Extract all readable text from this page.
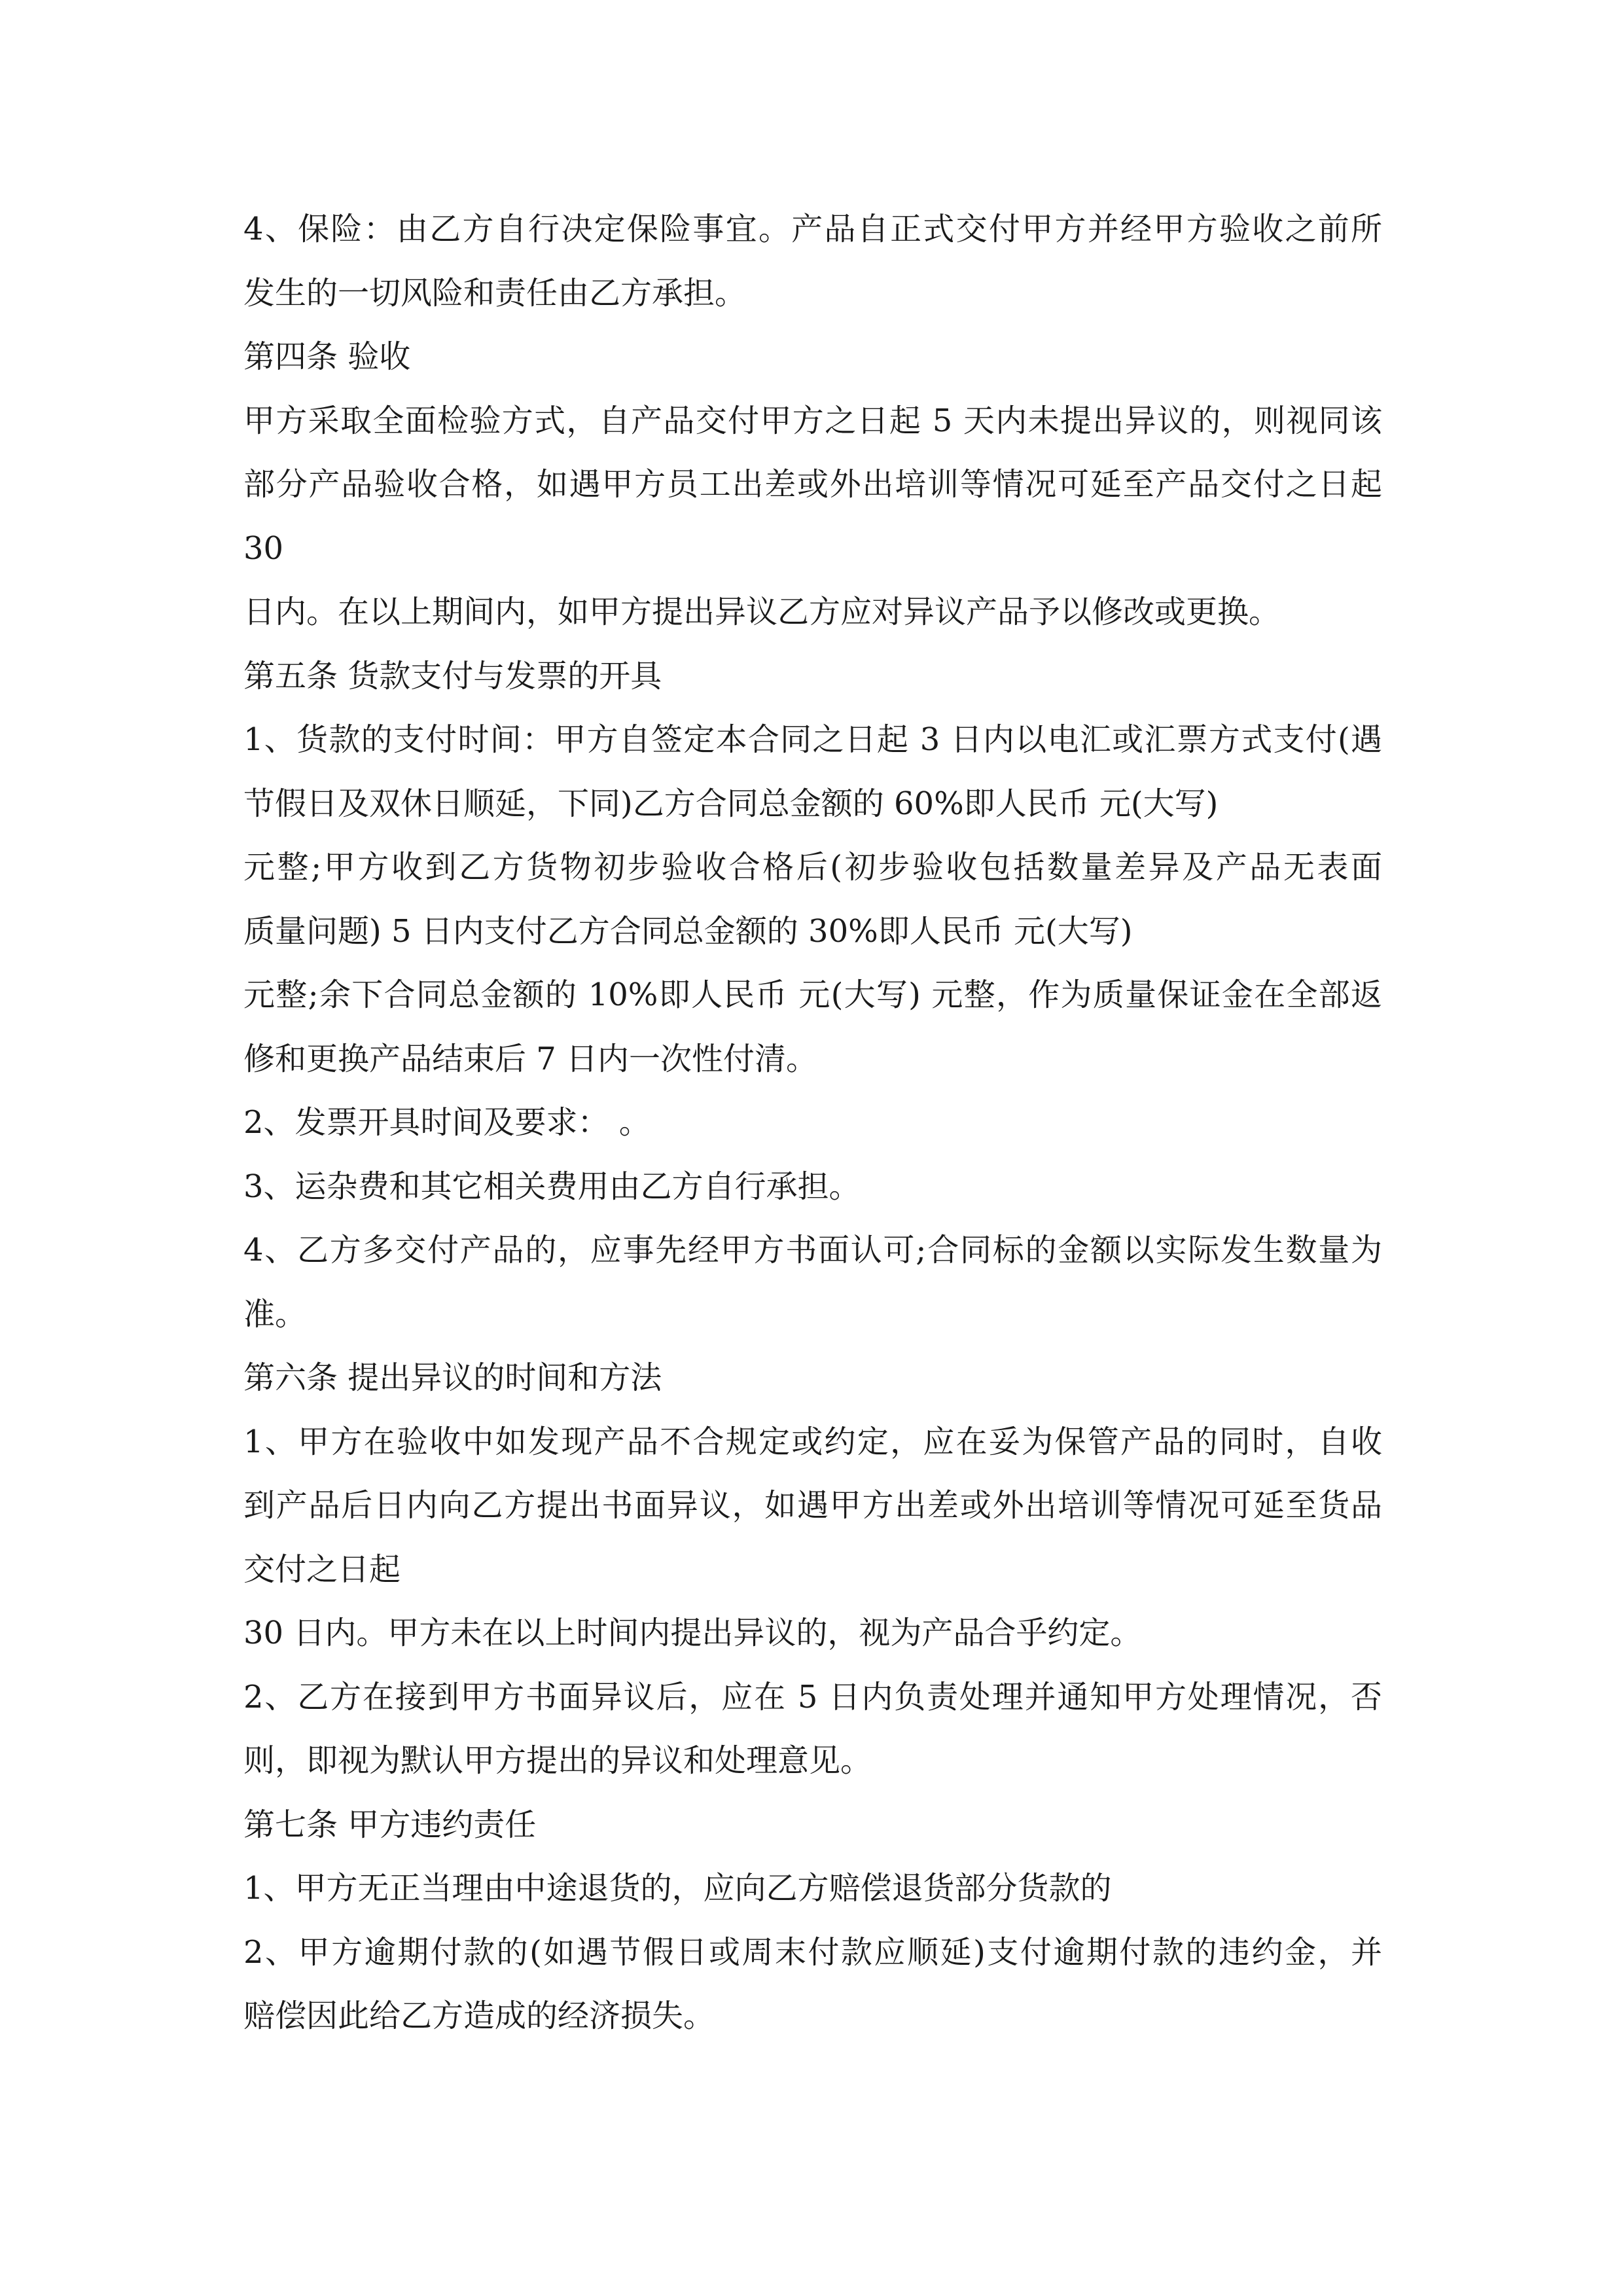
4、保险：由乙方自行决定保险事宜。产品自正式交付甲方并经甲方验收之前所
发生的一切风险和责任由乙方承担。
第四条 验收
甲方采取全面检验方式，自产品交付甲方之日起 5 天内未提出异议的，则视同该
部分产品验收合格，如遇甲方员工出差或外出培训等情况可延至产品交付之日起
30
日内。在以上期间内，如甲方提出异议乙方应对异议产品予以修改或更换。
第五条 货款支付与发票的开具
1、货款的支付时间：甲方自签定本合同之日起 3 日内以电汇或汇票方式支付(遇
节假日及双休日顺延，下同)乙方合同总金额的 60%即人民币 元(大写)
元整;甲方收到乙方货物初步验收合格后(初步验收包括数量差异及产品无表面
质量问题) 5 日内支付乙方合同总金额的 30%即人民币 元(大写)
元整;余下合同总金额的 10%即人民币 元(大写) 元整，作为质量保证金在全部返
修和更换产品结束后 7 日内一次性付清。
2、发票开具时间及要求： 。
3、运杂费和其它相关费用由乙方自行承担。
4、乙方多交付产品的，应事先经甲方书面认可;合同标的金额以实际发生数量为
准。
第六条 提出异议的时间和方法
1、甲方在验收中如发现产品不合规定或约定，应在妥为保管产品的同时，自收
到产品后日内向乙方提出书面异议，如遇甲方出差或外出培训等情况可延至货品
交付之日起
30 日内。甲方未在以上时间内提出异议的，视为产品合乎约定。
2、乙方在接到甲方书面异议后，应在 5 日内负责处理并通知甲方处理情况，否
则，即视为默认甲方提出的异议和处理意见。
第七条 甲方违约责任
1、甲方无正当理由中途退货的，应向乙方赔偿退货部分货款的
2、甲方逾期付款的(如遇节假日或周末付款应顺延)支付逾期付款的违约金，并
赔偿因此给乙方造成的经济损失。
